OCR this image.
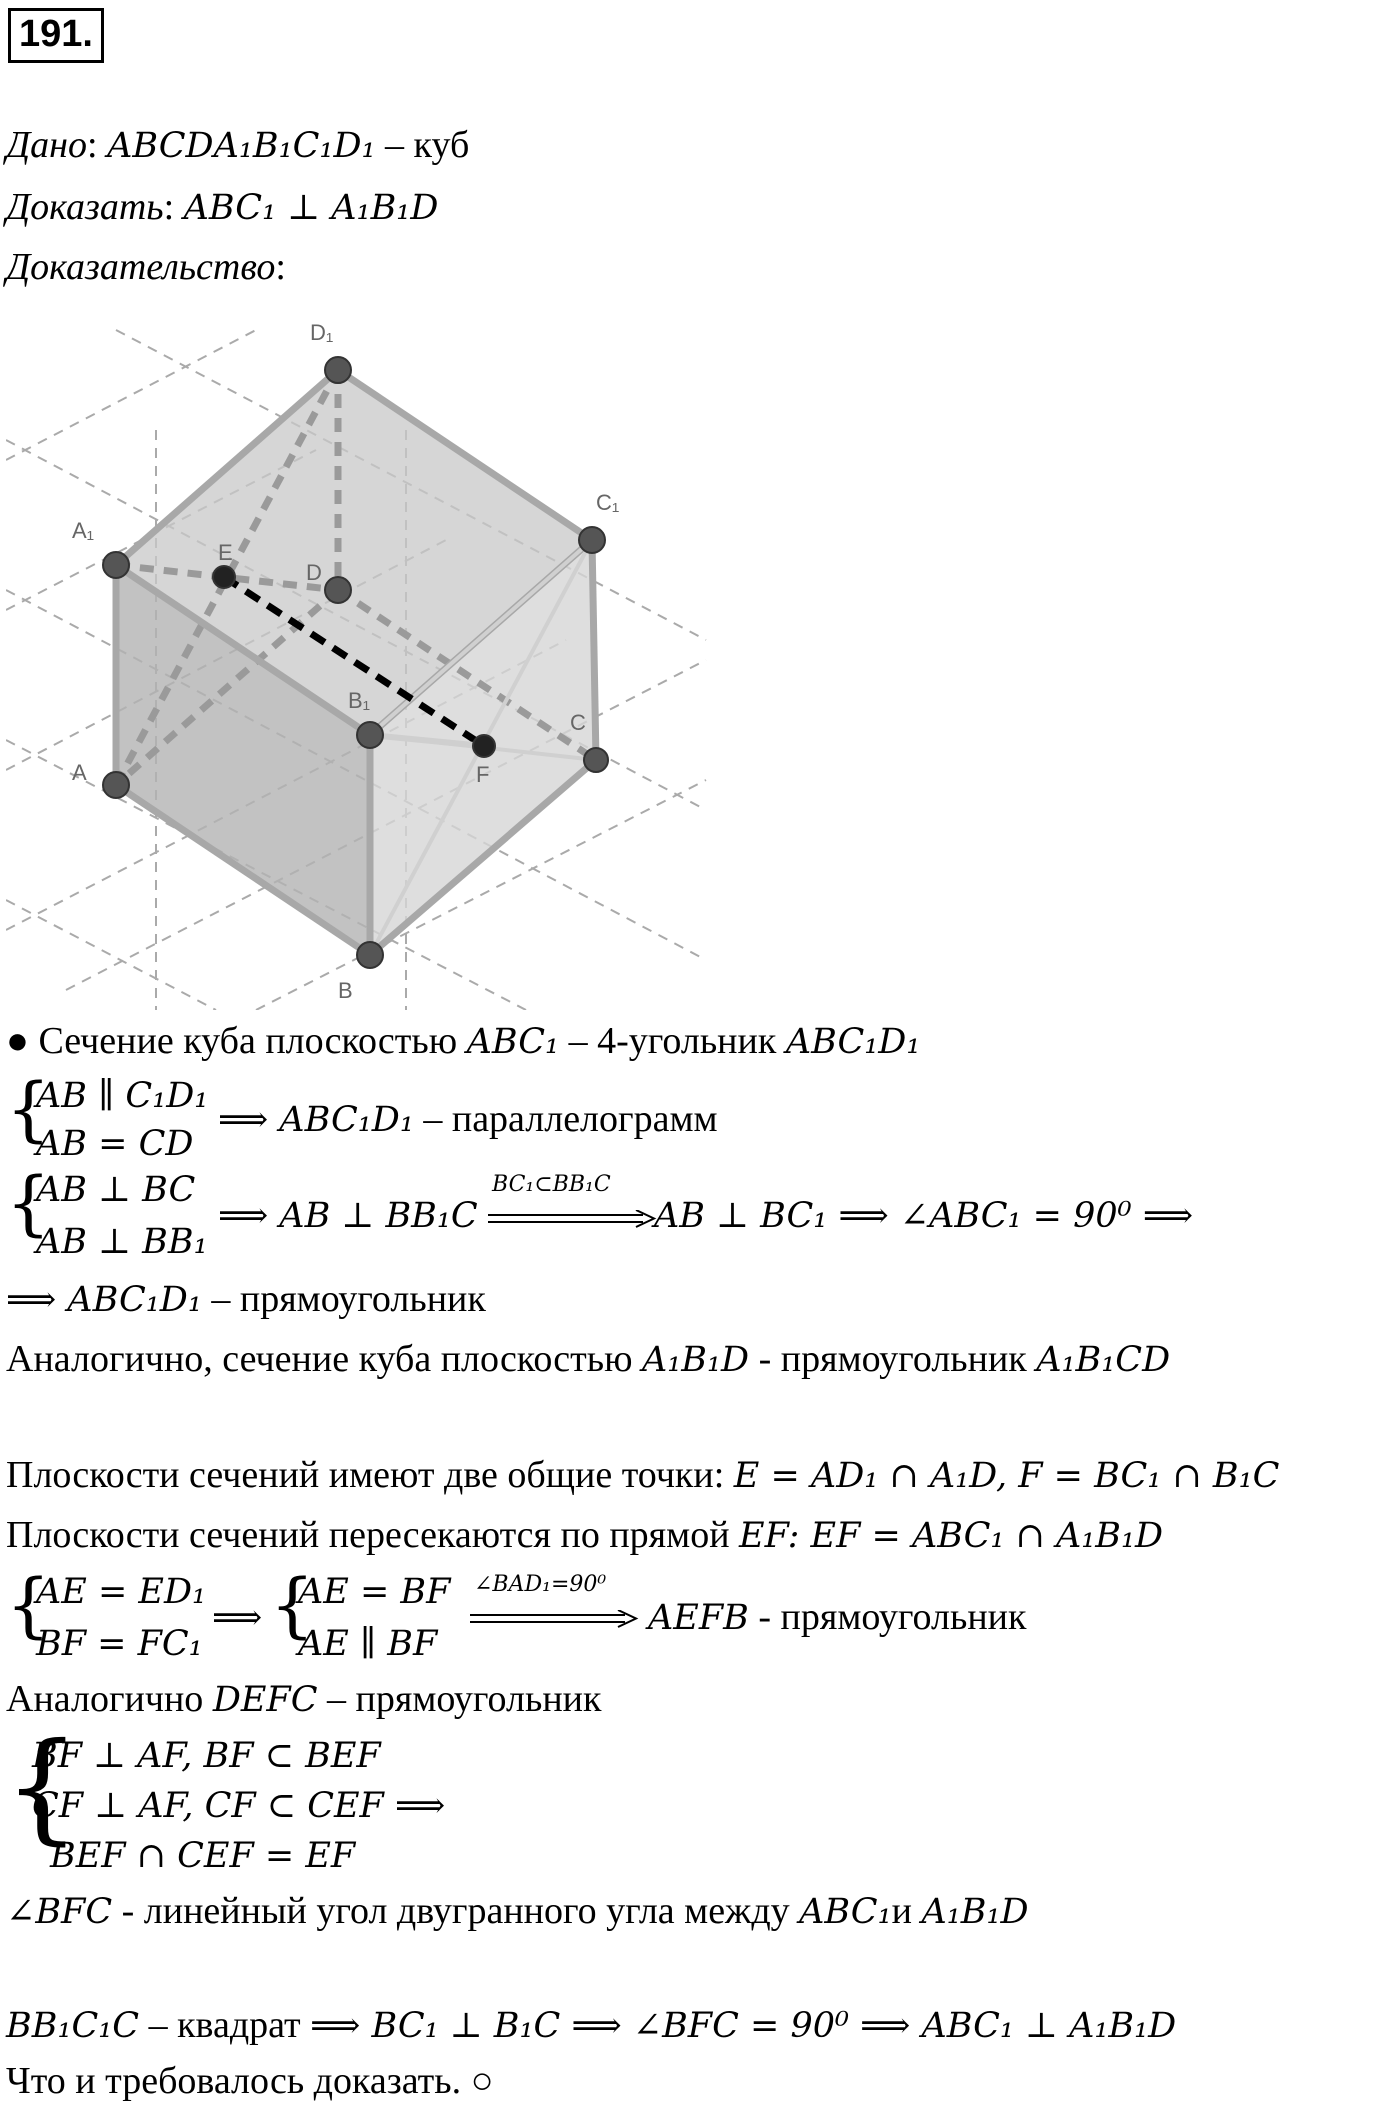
191.
Дано: ABCDA₁B₁C₁D₁ – куб
Доказать: ABC₁ ⊥ A₁B₁D
Доказательство:
D₁
C₁
A₁
E
D
B₁
C
F
A
B
● Сечение куба плоскостью ABC₁ – 4-угольник ABC₁D₁
{
AB ∥ C₁D₁
AB = CD
⟹ ABC₁D₁ – параллелограмм
{
AB ⊥ BC
AB ⊥ BB₁
⟹ AB ⊥ BB₁C
BC₁⊂BB₁C
AB ⊥ BC₁ ⟹ ∠ABC₁ = 90⁰ ⟹
⟹ ABC₁D₁ – прямоугольник
Аналогично, сечение куба плоскостью A₁B₁D - прямоугольник A₁B₁CD
Плоскости сечений имеют две общие точки: E = AD₁ ∩ A₁D, F = BC₁ ∩ B₁C
Плоскости сечений пересекаются по прямой EF: EF = ABC₁ ∩ A₁B₁D
{
AE = ED₁
BF = FC₁
⟹ {
AE = BF
AE ∥ BF
∠BAD₁=90⁰
AEFB - прямоугольник
Аналогично DEFC – прямоугольник
{
BF ⊥ AF, BF ⊂ BEF
CF ⊥ AF, CF ⊂ CEF ⟹
BEF ∩ CEF = EF
∠BFC - линейный угол двугранного угла между ABC₁и A₁B₁D
BB₁C₁C – квадрат ⟹ BC₁ ⊥ B₁C ⟹ ∠BFC = 90⁰ ⟹ ABC₁ ⊥ A₁B₁D
Что и требовалось доказать. ○
